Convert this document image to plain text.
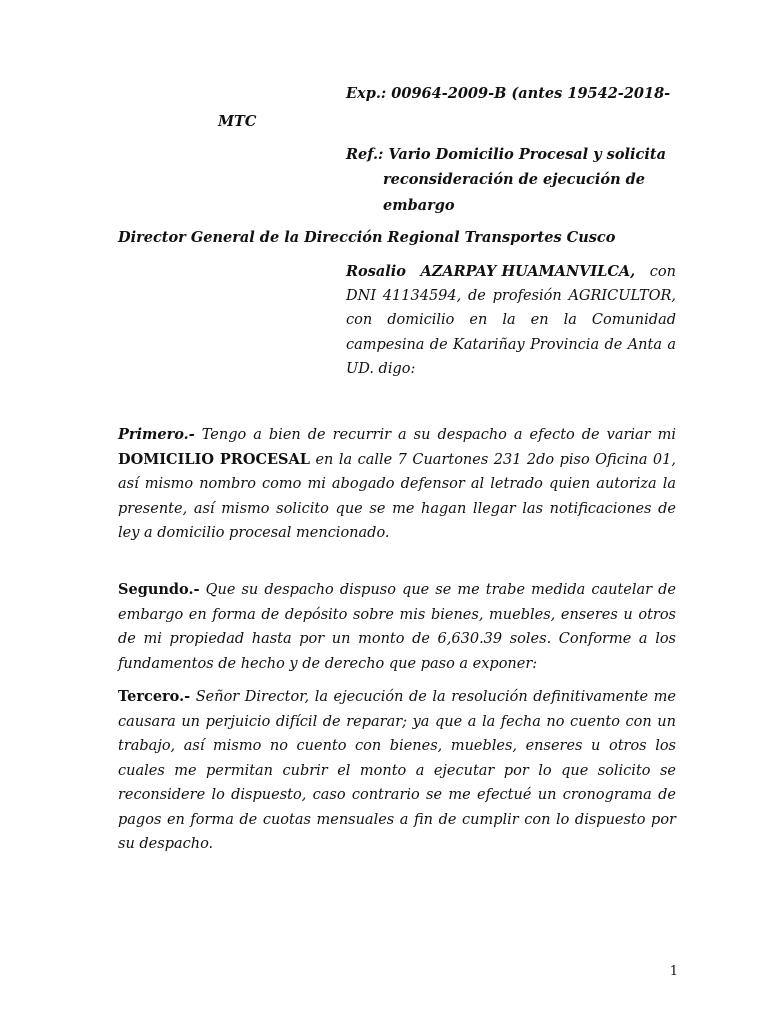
Exp.: 00964-2009-B (antes 19542-2018-

MTC

Ref.: Vario Domicilio Procesal y solicita

reconsideración de ejecución de

embargo

Director General de la Dirección Regional Transportes Cusco

Rosalio AZARPAY HUAMANVILCA, con
DNI 41134594, de profesión AGRICULTOR, con domicilio en la en la Comunidad campesina de Katariñay Provincia de Anta a UD. digo:
Primero.- Tengo a bien de recurrir a su despacho a efecto de variar mi DOMICILIO PROCESAL en la calle 7 Cuartones 231 2do piso Oficina 01, así mismo nombro como mi abogado defensor al letrado quien autoriza la presente, así mismo solicito que se me hagan llegar las notificaciones de ley a domicilio procesal mencionado.
Segundo.- Que su despacho dispuso que se me trabe medida cautelar de embargo en forma de depósito sobre mis bienes, muebles, enseres u otros de mi propiedad hasta por un monto de 6,630.39 soles. Conforme a los fundamentos de hecho y de derecho que paso a exponer:
Tercero.- Señor Director, la ejecución de la resolución definitivamente me causara un perjuicio difícil de reparar; ya que a la fecha no cuento con un trabajo, así mismo no cuento con bienes, muebles, enseres u otros los cuales me permitan cubrir el monto a ejecutar por lo que solicito se reconsidere lo dispuesto, caso contrario se me efectué un cronograma de pagos en forma de cuotas mensuales a fin de cumplir con lo dispuesto por su despacho.
1
